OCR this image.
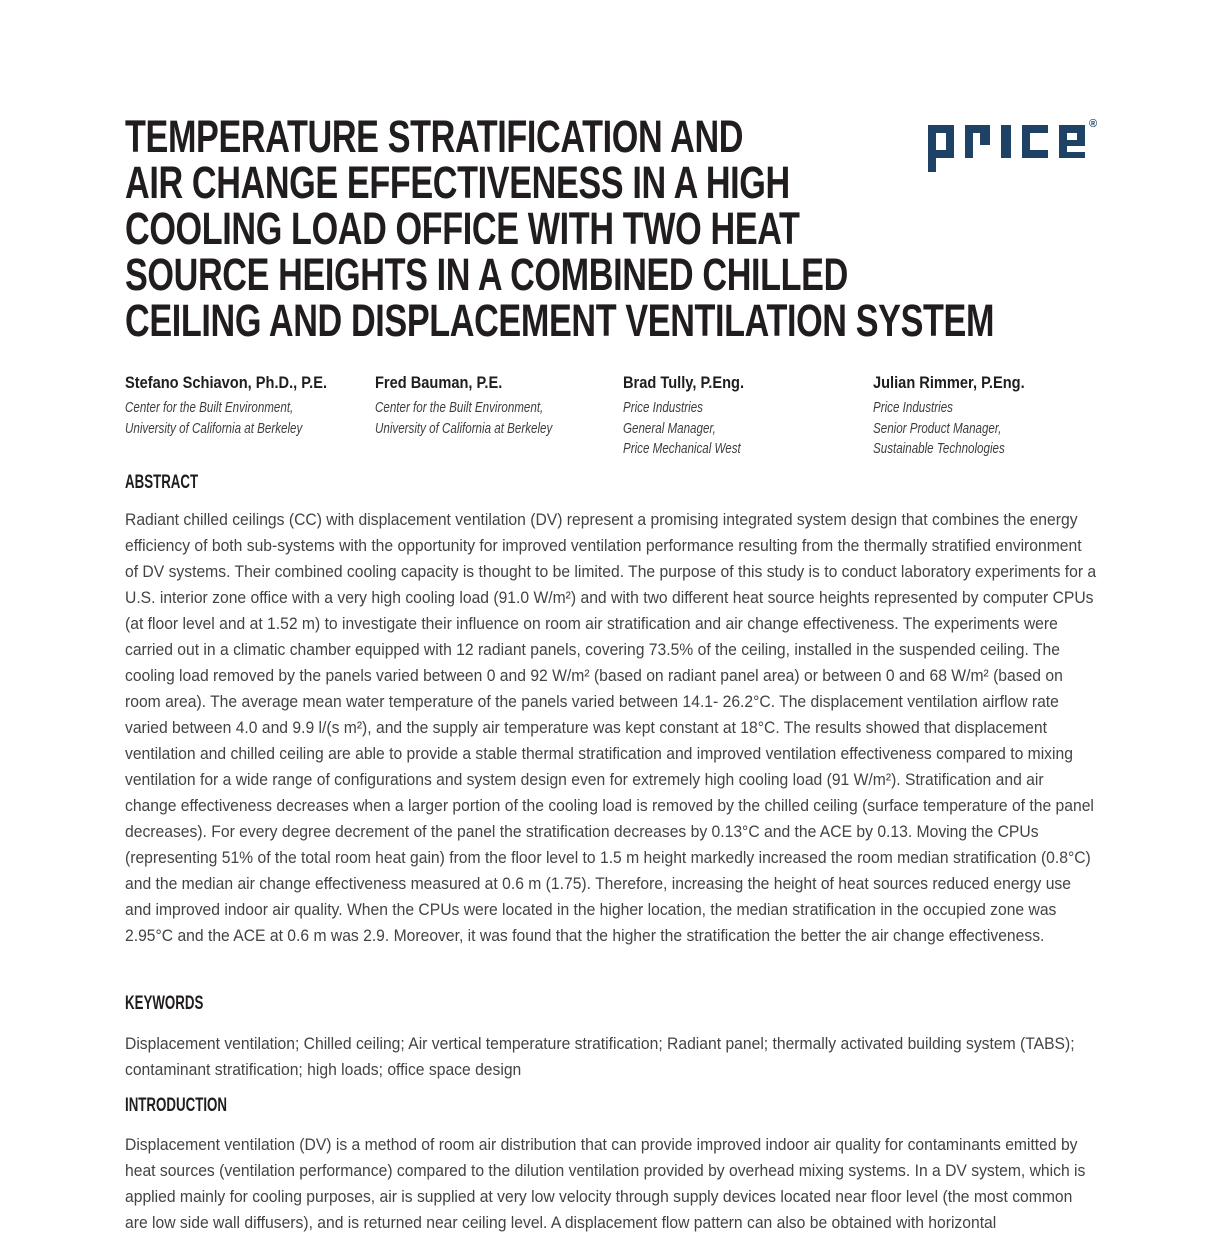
TEMPERATURE STRATIFICATION AND
AIR CHANGE EFFECTIVENESS IN A HIGH
COOLING LOAD OFFICE WITH TWO HEAT
SOURCE HEIGHTS IN A COMBINED CHILLED
CEILING AND DISPLACEMENT VENTILATION SYSTEM
®
Stefano Schiavon, Ph.D., P.E.
Center for the Built Environment,
University of California at Berkeley
Fred Bauman, P.E.
Center for the Built Environment,
University of California at Berkeley
Brad Tully, P.Eng.
Price Industries
General Manager,
Price Mechanical West
Julian Rimmer, P.Eng.
Price Industries
Senior Product Manager,
Sustainable Technologies
ABSTRACT
Radiant chilled ceilings (CC) with displacement ventilation (DV) represent a promising integrated system design that combines the energy efficiency of both sub-systems with the opportunity for improved ventilation performance resulting from the thermally stratified environment of DV systems. Their combined cooling capacity is thought to be limited. The purpose of this study is to conduct laboratory experiments for a U.S. interior zone office with a very high cooling load (91.0 W/m²) and with two different heat source heights represented by computer CPUs (at floor level and at 1.52 m) to investigate their influence on room air stratification and air change effectiveness. The experiments were carried out in a climatic chamber equipped with 12 radiant panels, covering 73.5% of the ceiling, installed in the suspended ceiling. The cooling load removed by the panels varied between 0 and 92 W/m² (based on radiant panel area) or between 0 and 68 W/m² (based on room area). The average mean water temperature of the panels varied between 14.1- 26.2°C. The displacement ventilation airflow rate varied between 4.0 and 9.9 l/(s m²), and the supply air temperature was kept constant at 18°C. The results showed that displacement ventilation and chilled ceiling are able to provide a stable thermal stratification and improved ventilation effectiveness compared to mixing ventilation for a wide range of configurations and system design even for extremely high cooling load (91 W/m²). Stratification and air change effectiveness decreases when a larger portion of the cooling load is removed by the chilled ceiling (surface temperature of the panel decreases). For every degree decrement of the panel the stratification decreases by 0.13°C and the ACE by 0.13. Moving the CPUs (representing 51% of the total room heat gain) from the floor level to 1.5 m height markedly increased the room median stratification (0.8°C) and the median air change effectiveness measured at 0.6 m (1.75). Therefore, increasing the height of heat sources reduced energy use and improved indoor air quality. When the CPUs were located in the higher location, the median stratification in the occupied zone was 2.95°C and the ACE at 0.6 m was 2.9. Moreover, it was found that the higher the stratification the better the air change effectiveness.
KEYWORDS
Displacement ventilation; Chilled ceiling; Air vertical temperature stratification; Radiant panel; thermally activated building system (TABS); contaminant stratification; high loads; office space design
INTRODUCTION
Displacement ventilation (DV) is a method of room air distribution that can provide improved indoor air quality for contaminants emitted by heat sources (ventilation performance) compared to the dilution ventilation provided by overhead mixing systems. In a DV system, which is applied mainly for cooling purposes, air is supplied at very low velocity through supply devices located near floor level (the most common are low side wall diffusers), and is returned near ceiling level. A displacement flow pattern can also be obtained with horizontal
